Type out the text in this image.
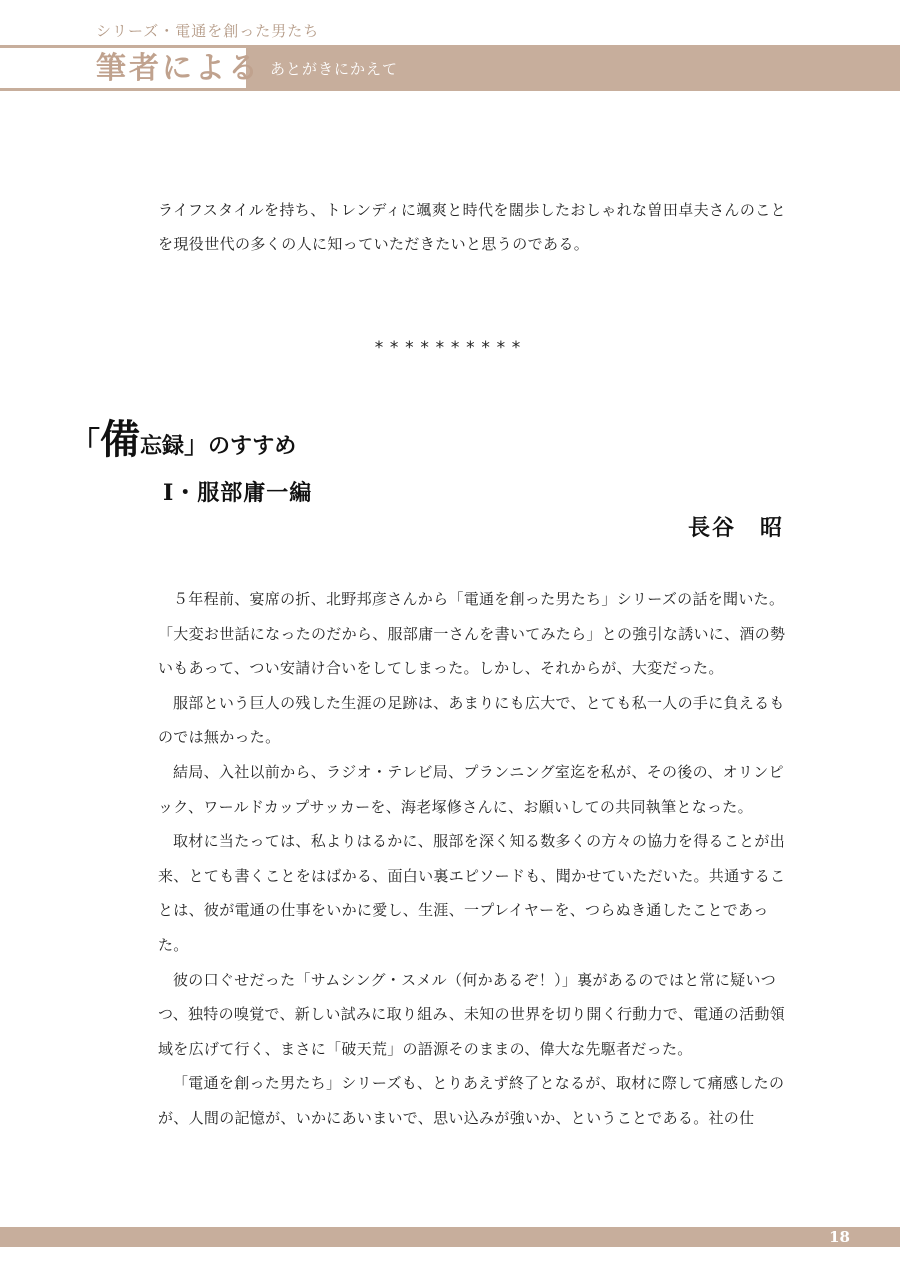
シリーズ・電通を創った男たち
筆者による あとがきにかえて

ライフスタイルを持ち、トレンディに颯爽と時代を闊歩したおしゃれな曽田卓夫さんのこと

を現役世代の多くの人に知っていただきたいと思うのである。

**********
「備忘録」のすすめ
Ⅰ・服部庸一編
長谷　昭

５年程前、宴席の折、北野邦彦さんから「電通を創った男たち」シリーズの話を聞いた。

「大変お世話になったのだから、服部庸一さんを書いてみたら」との強引な誘いに、酒の勢いもあって、つい安請け合いをしてしまった。しかし、それからが、大変だった。

服部という巨人の残した生涯の足跡は、あまりにも広大で、とても私一人の手に負えるものでは無かった。

結局、入社以前から、ラジオ・テレビ局、プランニング室迄を私が、その後の、オリンピック、ワールドカップサッカーを、海老塚修さんに、お願いしての共同執筆となった。

取材に当たっては、私よりはるかに、服部を深く知る数多くの方々の協力を得ることが出来、とても書くことをはばかる、面白い裏エピソードも、聞かせていただいた。共通することは、彼が電通の仕事をいかに愛し、生涯、一プレイヤーを、つらぬき通したことであった。

彼の口ぐせだった「サムシング・スメル（何かあるぞ！）」裏があるのではと常に疑いつつ、独特の嗅覚で、新しい試みに取り組み、未知の世界を切り開く行動力で、電通の活動領域を広げて行く、まさに「破天荒」の語源そのままの、偉大な先駆者だった。

「電通を創った男たち」シリーズも、とりあえず終了となるが、取材に際して痛感したのが、人間の記憶が、いかにあいまいで、思い込みが強いか、ということである。社の仕

18
